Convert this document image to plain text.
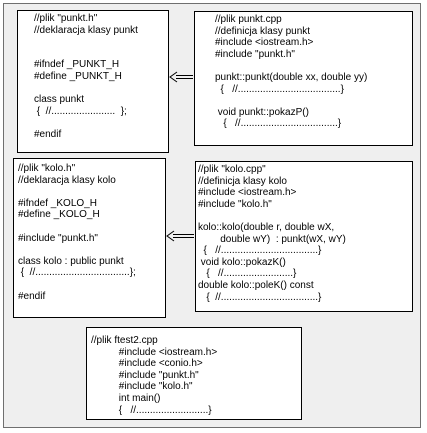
//plik "punkt.h"
//deklaracja klasy punkt

#ifndef _PUNKT_H
#define _PUNKT_H

class punkt
{  //.......................  };

#endif
//plik punkt.cpp
//definicja klasy punkt
#include <iostream.h>
#include "punkt.h"

punkt::punkt(double xx, double yy)
{   //.....................................}

void punkt::pokazP()
{   //...................................}
//plik "kolo.h"
//deklaracja klasy kolo

#ifndef _KOLO_H
#define _KOLO_H

#include "punkt.h"

class kolo : public punkt
{  //..................................};

#endif
//plik "kolo.cpp"
//definicja klasy kolo
#include <iostream.h>
#include "kolo.h"

kolo::kolo(double r, double wX,
double wY)  : punkt(wX, wY)
{   //...................................}
void kolo::pokazK()
{   //.........................}
double kolo::poleK() const
{  //...................................}
//plik ftest2.cpp
#include <iostream.h>
#include <conio.h>
#include "punkt.h"
#include "kolo.h"
int main()
{   //..........................}
